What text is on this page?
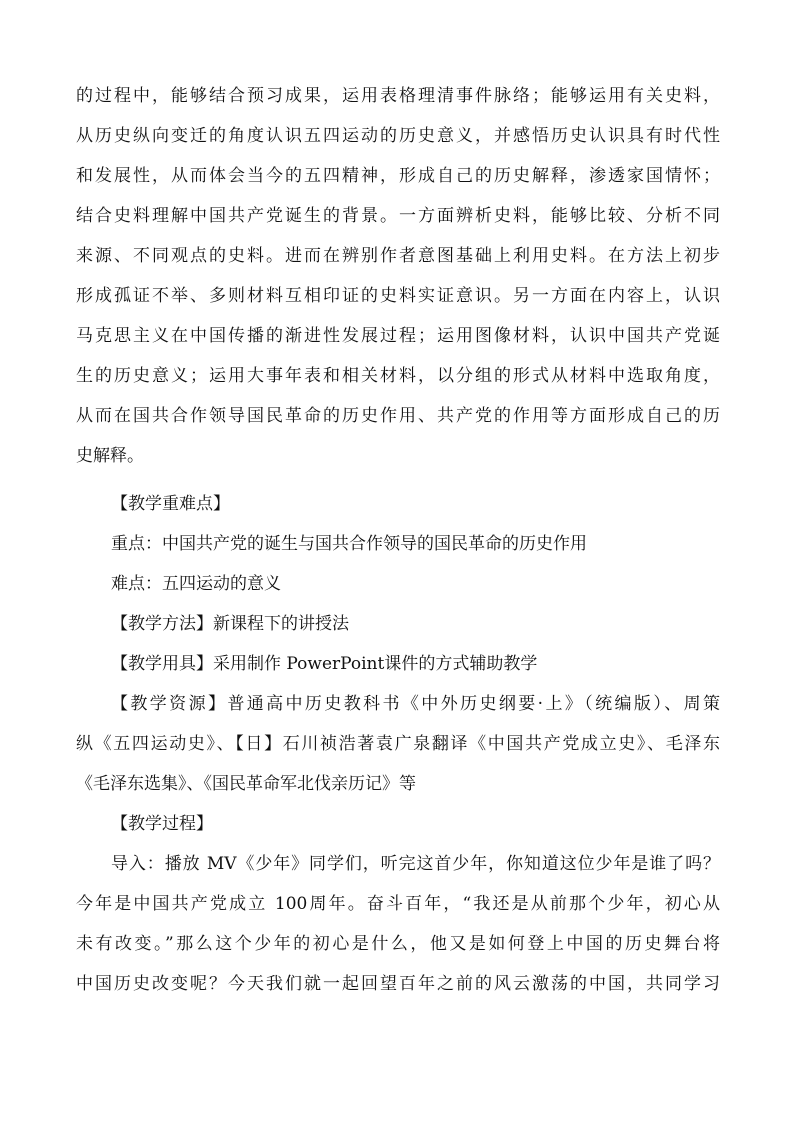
的过程中，能够结合预习成果，运用表格理清事件脉络；能够运用有关史料，
从历史纵向变迁的角度认识五四运动的历史意义，并感悟历史认识具有时代性
和发展性，从而体会当今的五四精神，形成自己的历史解释，渗透家国情怀；
结合史料理解中国共产党诞生的背景。一方面辨析史料，能够比较、分析不同
来源、不同观点的史料。进而在辨别作者意图基础上利用史料。在方法上初步
形成孤证不举、多则材料互相印证的史料实证意识。另一方面在内容上，认识
马克思主义在中国传播的渐进性发展过程；运用图像材料，认识中国共产党诞
生的历史意义；运用大事年表和相关材料，以分组的形式从材料中选取角度，
从而在国共合作领导国民革命的历史作用、共产党的作用等方面形成自己的历
史解释。
【教学重难点】
重点：中国共产党的诞生与国共合作领导的国民革命的历史作用
难点：五四运动的意义
【教学方法】新课程下的讲授法
【教学用具】采用制作 PowerPoint课件的方式辅助教学
【教学资源】普通高中历史教科书《中外历史纲要·上》（统编版）、周策
纵《五四运动史》、【日】石川祯浩著袁广泉翻译《中国共产党成立史》、毛泽东
《毛泽东选集》、《国民革命军北伐亲历记》等
【教学过程】
导入：播放 MV《少年》同学们，听完这首少年，你知道这位少年是谁了吗？
今年是中国共产党成立 100周年。奋斗百年，“我还是从前那个少年，初心从
未有改变。”那么这个少年的初心是什么，他又是如何登上中国的历史舞台将
中国历史改变呢？今天我们就一起回望百年之前的风云激荡的中国，共同学习
